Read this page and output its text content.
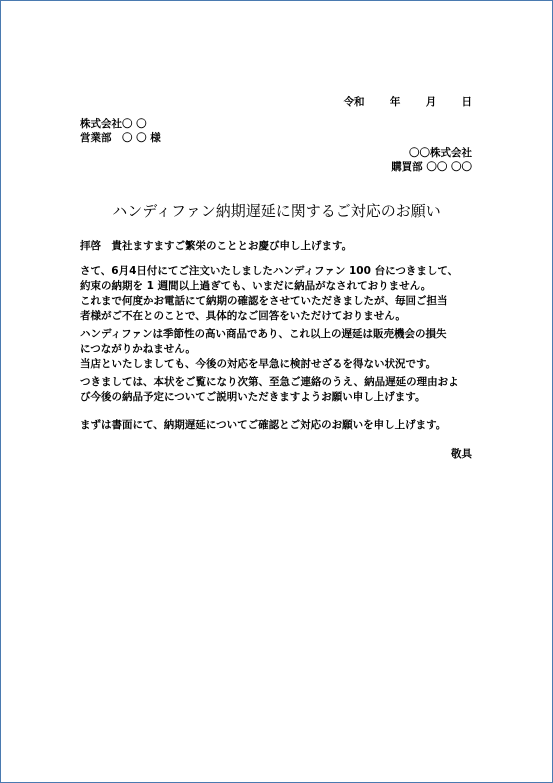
令和 年 月 日
株式会社〇 〇
営業部　〇 〇 様
〇〇株式会社
購買部 〇〇 〇〇
ハンディファン納期遅延に関するご対応のお願い

拝啓　貴社ますますご繁栄のこととお慶び申し上げます。

さて、6月4日付にてご注文いたしましたハンディファン 100 台につきまして、

約束の納期を 1 週間以上過ぎても、いまだに納品がなされておりません。

これまで何度かお電話にて納期の確認をさせていただきましたが、毎回ご担当

者様がご不在とのことで、具体的なご回答をいただけておりません。

ハンディファンは季節性の高い商品であり、これ以上の遅延は販売機会の損失

につながりかねません。

当店といたしましても、今後の対応を早急に検討せざるを得ない状況です。

つきましては、本状をご覧になり次第、至急ご連絡のうえ、納品遅延の理由およ

び今後の納品予定についてご説明いただきますようお願い申し上げます。

まずは書面にて、納期遅延についてご確認とご対応のお願いを申し上げます。

敬具
